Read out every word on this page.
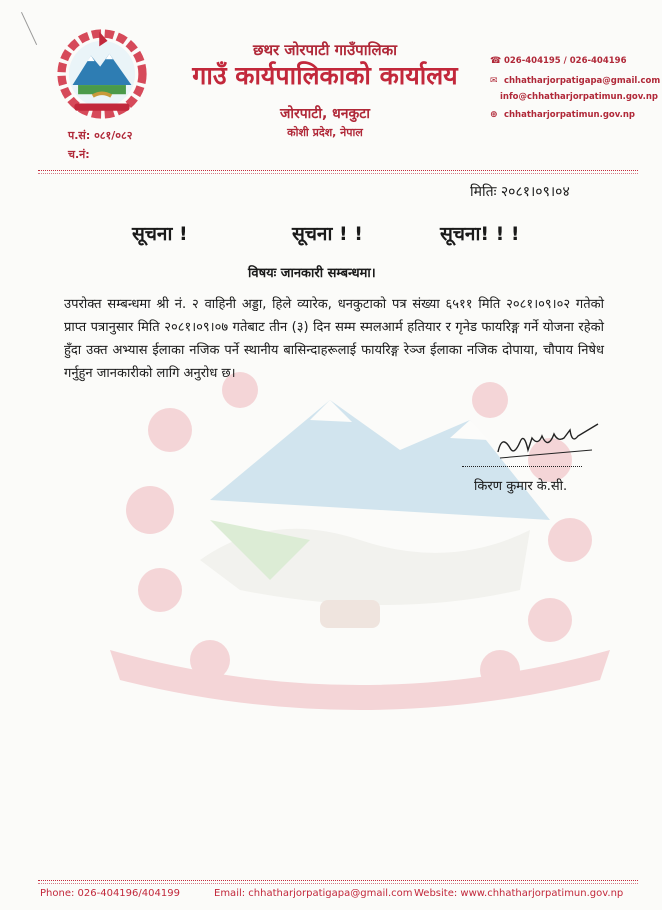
छथर जोरपाटी गाउँपालिका
गाउँ कार्यपालिकाको कार्यालय
जोरपाटी, धनकुटा
कोशी प्रदेश, नेपाल
☎ 026-404195 / 026-404196
✉ chhatharjorpatigapa@gmail.com
info@chhatharjorpatimun.gov.np
⊕ chhatharjorpatimun.gov.np
प.सं: ०८१/०८२
च.नं:
मितिः २०८१।०९।०४
सूचना !	सूचना ! !	सूचना! ! !
विषयः जानकारी सम्बन्धमा।
उपरोक्त सम्बन्धमा श्री नं. २ वाहिनी अड्डा, हिले व्यारेक, धनकुटाको पत्र संख्या ६५११ मिति २०८१।०९।०२ गतेको प्राप्त पत्रानुसार मिति २०८१।०९।०७ गतेबाट तीन (३) दिन सम्म स्मलआर्म हतियार र गृनेड फायरिङ्ग गर्ने योजना रहेको हुँदा उक्त अभ्यास ईलाका नजिक पर्ने स्थानीय बासिन्दाहरूलाई फायरिङ्ग रेञ्ज ईलाका नजिक दोपाया, चौपाय निषेध गर्नुहुन जानकारीको लागि अनुरोध छ।
किरण कुमार के.सी.
Phone: 026-404196/404199	Email: chhatharjorpatigapa@gmail.com Website: www.chhatharjorpatimun.gov.np
